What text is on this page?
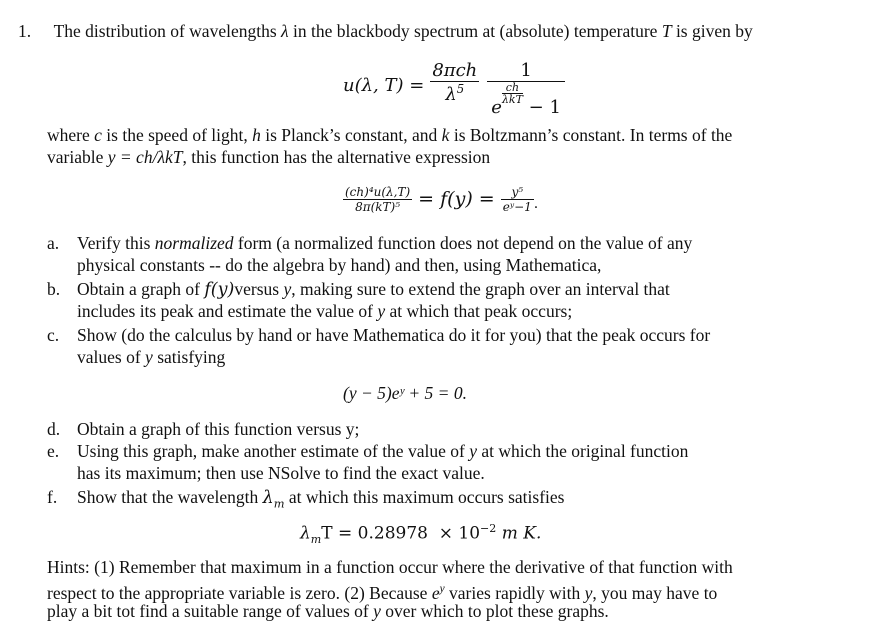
1. The distribution of wavelengths λ in the blackbody spectrum at (absolute) temperature T is given by
u(λ, $T) = \frac{\text{8πch}}{\lambda^5} 1$
e
ch
λkT − 1
where c is the speed of light, h is Planck’s constant, and k is Boltzmann’s constant. In terms of the
variable y = ch/λkT, this function has the alternative expression
$\frac{\text{(ch)⁴u(λ,T)}}{\text{8π(kT)⁵}} = f(y) = \frac{\text{y⁵}}{\text{eʸ−1}}$ .
a. Verify this normalized form (a normalized function does not depend on the value of any
physical constants -- do the algebra by hand) and then, using Mathematica,
b. Obtain a graph of f(y)versus y, making sure to extend the graph over an interval that
includes its peak and estimate the value of y at which that peak occurs;
c. Show (do the calculus by hand or have Mathematica do it for you) that the peak occurs for
values of y satisfying
(y − 5)eʸ + 5 = 0.
d. Obtain a graph of this function versus y;
e. Using this graph, make another estimate of the value of y at which the original function
has its maximum; then use NSolve to find the exact value.
f. Show that the wavelength $\lambda_m$ at which this maximum occurs satisfies
$\lambda_mT = 0.28978 \times 10^{-2}$ m K.
Hints: (1) Remember that maximum in a function occur where the derivative of that function with
respect to the appropriate variable is zero. (2) Because $e^y$ varies rapidly with y, you may have to
play a bit tot find a suitable range of values of y over which to plot these graphs.
